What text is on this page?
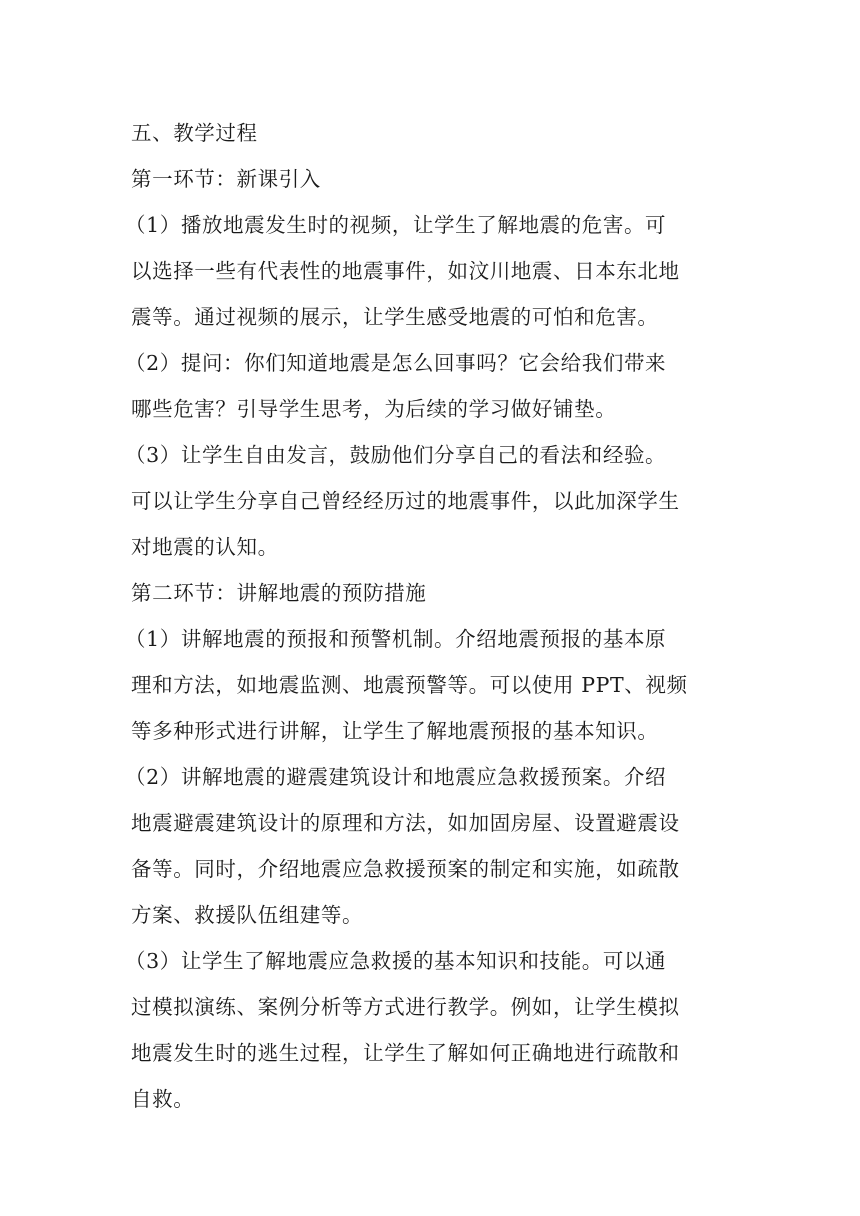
五、教学过程
第一环节：新课引入
（1）播放地震发生时的视频，让学生了解地震的危害。可
以选择一些有代表性的地震事件，如汶川地震、日本东北地
震等。通过视频的展示，让学生感受地震的可怕和危害。
（2）提问：你们知道地震是怎么回事吗？它会给我们带来
哪些危害？引导学生思考，为后续的学习做好铺垫。
（3）让学生自由发言，鼓励他们分享自己的看法和经验。
可以让学生分享自己曾经经历过的地震事件，以此加深学生
对地震的认知。
第二环节：讲解地震的预防措施
（1）讲解地震的预报和预警机制。介绍地震预报的基本原
理和方法，如地震监测、地震预警等。可以使用 PPT、视频
等多种形式进行讲解，让学生了解地震预报的基本知识。
（2）讲解地震的避震建筑设计和地震应急救援预案。介绍
地震避震建筑设计的原理和方法，如加固房屋、设置避震设
备等。同时，介绍地震应急救援预案的制定和实施，如疏散
方案、救援队伍组建等。
（3）让学生了解地震应急救援的基本知识和技能。可以通
过模拟演练、案例分析等方式进行教学。例如，让学生模拟
地震发生时的逃生过程，让学生了解如何正确地进行疏散和
自救。
